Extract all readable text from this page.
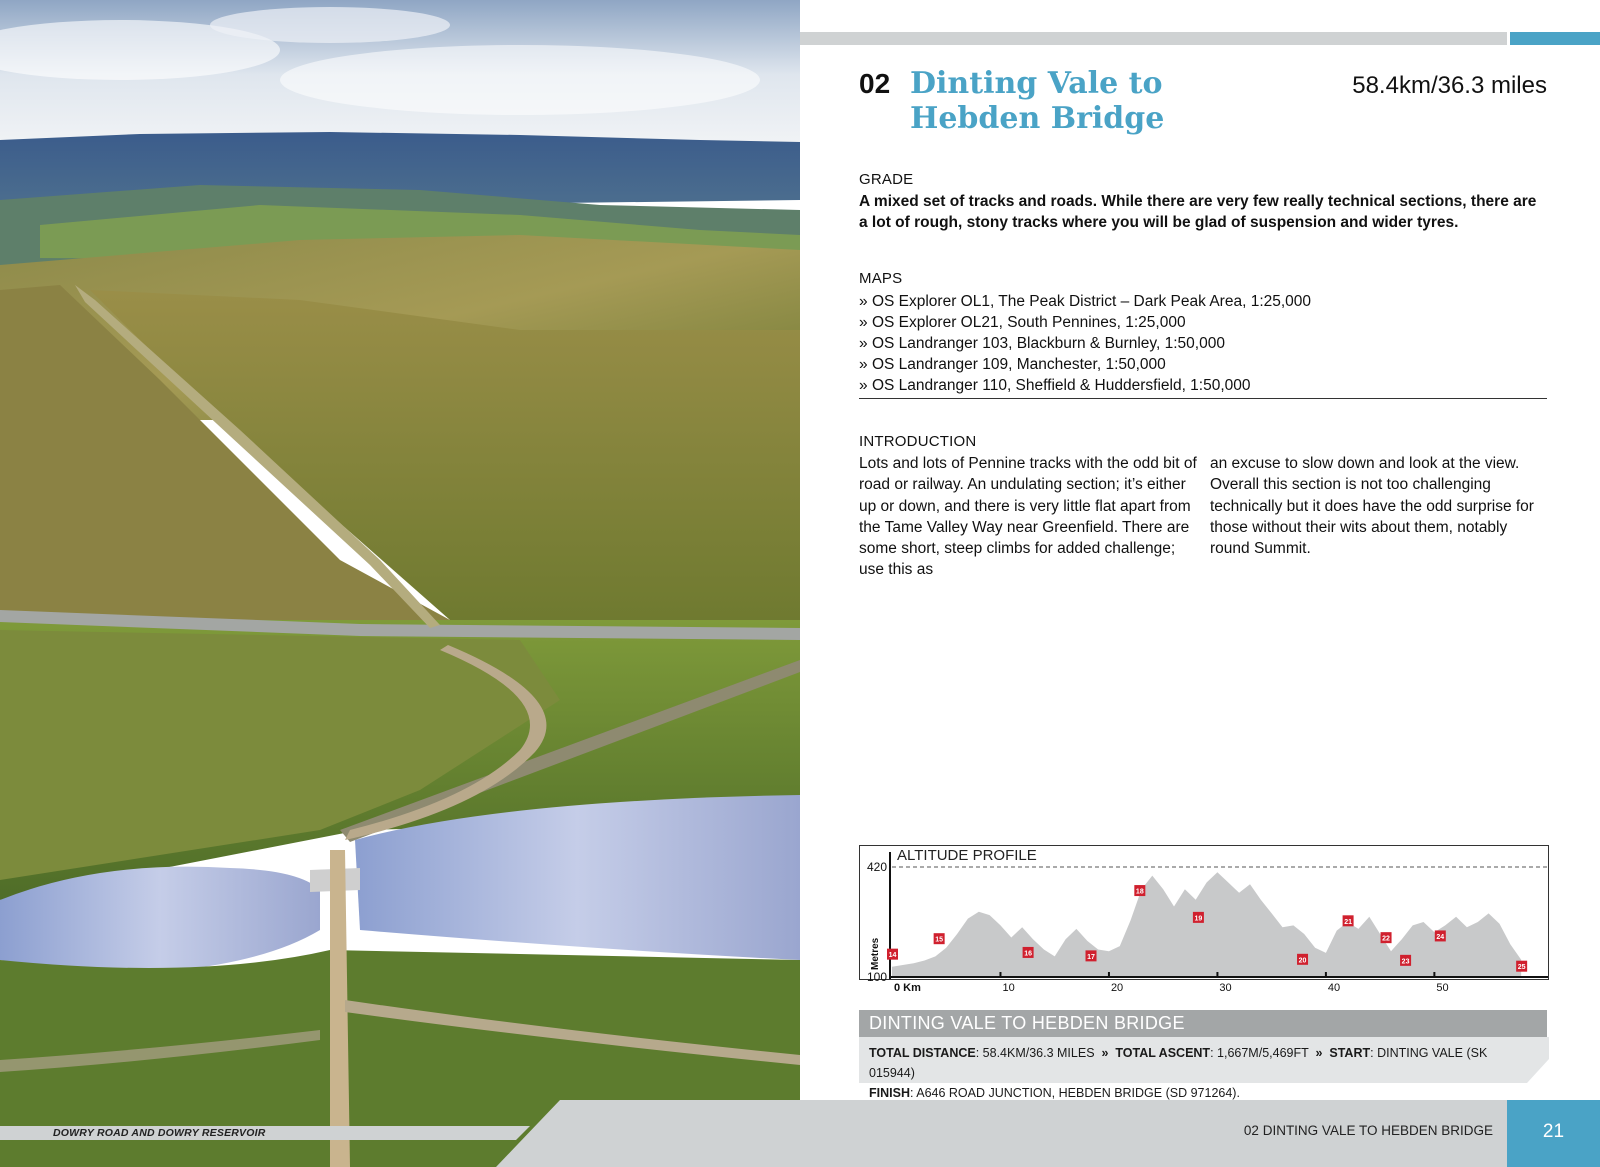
02 Dinting Vale to
Hebden Bridge
58.4km/36.3 miles
GRADE
A mixed set of tracks and roads. While there are very few really technical sections, there are a lot of rough, stony tracks where you will be glad of suspension and wider tyres.
MAPS
» OS Explorer OL1, The Peak District – Dark Peak Area, 1:25,000
» OS Explorer OL21, South Pennines, 1:25,000
» OS Landranger 103, Blackburn & Burnley, 1:50,000
» OS Landranger 109, Manchester, 1:50,000
» OS Landranger 110, Sheffield & Huddersfield, 1:50,000
INTRODUCTION

Lots and lots of Pennine tracks with the odd bit of road or railway. An undulating section; it’s either up or down, and there is very little flat apart from the Tame Valley Way near Greenfield. There are some short, steep climbs for added challenge; use this as

an excuse to slow down and look at the view. Overall this section is not too challenging technically but it does have the odd surprise for those without their wits about them, notably round Summit.

100
420
0 Km	10	20	30	40	50
14
15
16	17
18
19
20
21
22
23
24
25
Metres
ALTITUDE PROFILE
DINTING VALE TO HEBDEN BRIDGE
TOTAL DISTANCE: 58.4KM/36.3 MILES » TOTAL ASCENT: 1,667M/5,469FT » START: DINTING VALE (SK 015944)
FINISH: A646 ROAD JUNCTION, HEBDEN BRIDGE (SD 971264).
DOWRY ROAD AND DOWRY RESERVOIR	02 DINTING VALE TO HEBDEN BRIDGE	21
